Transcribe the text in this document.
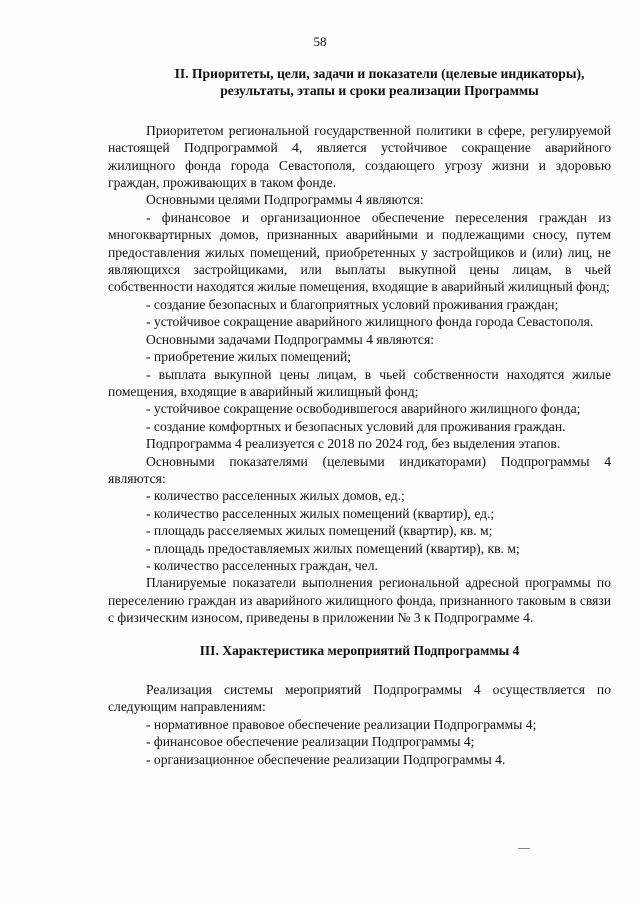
58

II. Приоритеты, цели, задачи и показатели (целевые индикаторы), результаты, этапы и сроки реализации Программы

Приоритетом региональной государственной политики в сфере, регулируемой настоящей Подпрограммой 4, является устойчивое сокращение аварийного жилищного фонда города Севастополя, создающего угрозу жизни и здоровью граждан, проживающих в таком фонде.

Основными целями Подпрограммы 4 являются:

- финансовое и организационное обеспечение переселения граждан из многоквартирных домов, признанных аварийными и подлежащими сносу, путем предоставления жилых помещений, приобретенных у застройщиков и (или) лиц, не являющихся застройщиками, или выплаты выкупной цены лицам, в чьей собственности находятся жилые помещения, входящие в аварийный жилищный фонд;

- создание безопасных и благоприятных условий проживания граждан;

- устойчивое сокращение аварийного жилищного фонда города Севастополя.

Основными задачами Подпрограммы 4 являются:

- приобретение жилых помещений;

- выплата выкупной цены лицам, в чьей собственности находятся жилые помещения, входящие в аварийный жилищный фонд;

- устойчивое сокращение освободившегося аварийного жилищного фонда;

- создание комфортных и безопасных условий для проживания граждан.

Подпрограмма 4 реализуется с 2018 по 2024 год, без выделения этапов.

Основными показателями (целевыми индикаторами) Подпрограммы 4 являются:

- количество расселенных жилых домов, ед.;

- количество расселенных жилых помещений (квартир), ед.;

- площадь расселяемых жилых помещений (квартир), кв. м;

- площадь предоставляемых жилых помещений (квартир), кв. м;

- количество расселенных граждан, чел.

Планируемые показатели выполнения региональной адресной программы по переселению граждан из аварийного жилищного фонда, признанного таковым в связи с физическим износом, приведены в приложении № 3 к Подпрограмме 4.

III. Характеристика мероприятий Подпрограммы 4

Реализация системы мероприятий Подпрограммы 4 осуществляется по следующим направлениям:

- нормативное правовое обеспечение реализации Подпрограммы 4;

- финансовое обеспечение реализации Подпрограммы 4;

- организационное обеспечение реализации Подпрограммы 4.
